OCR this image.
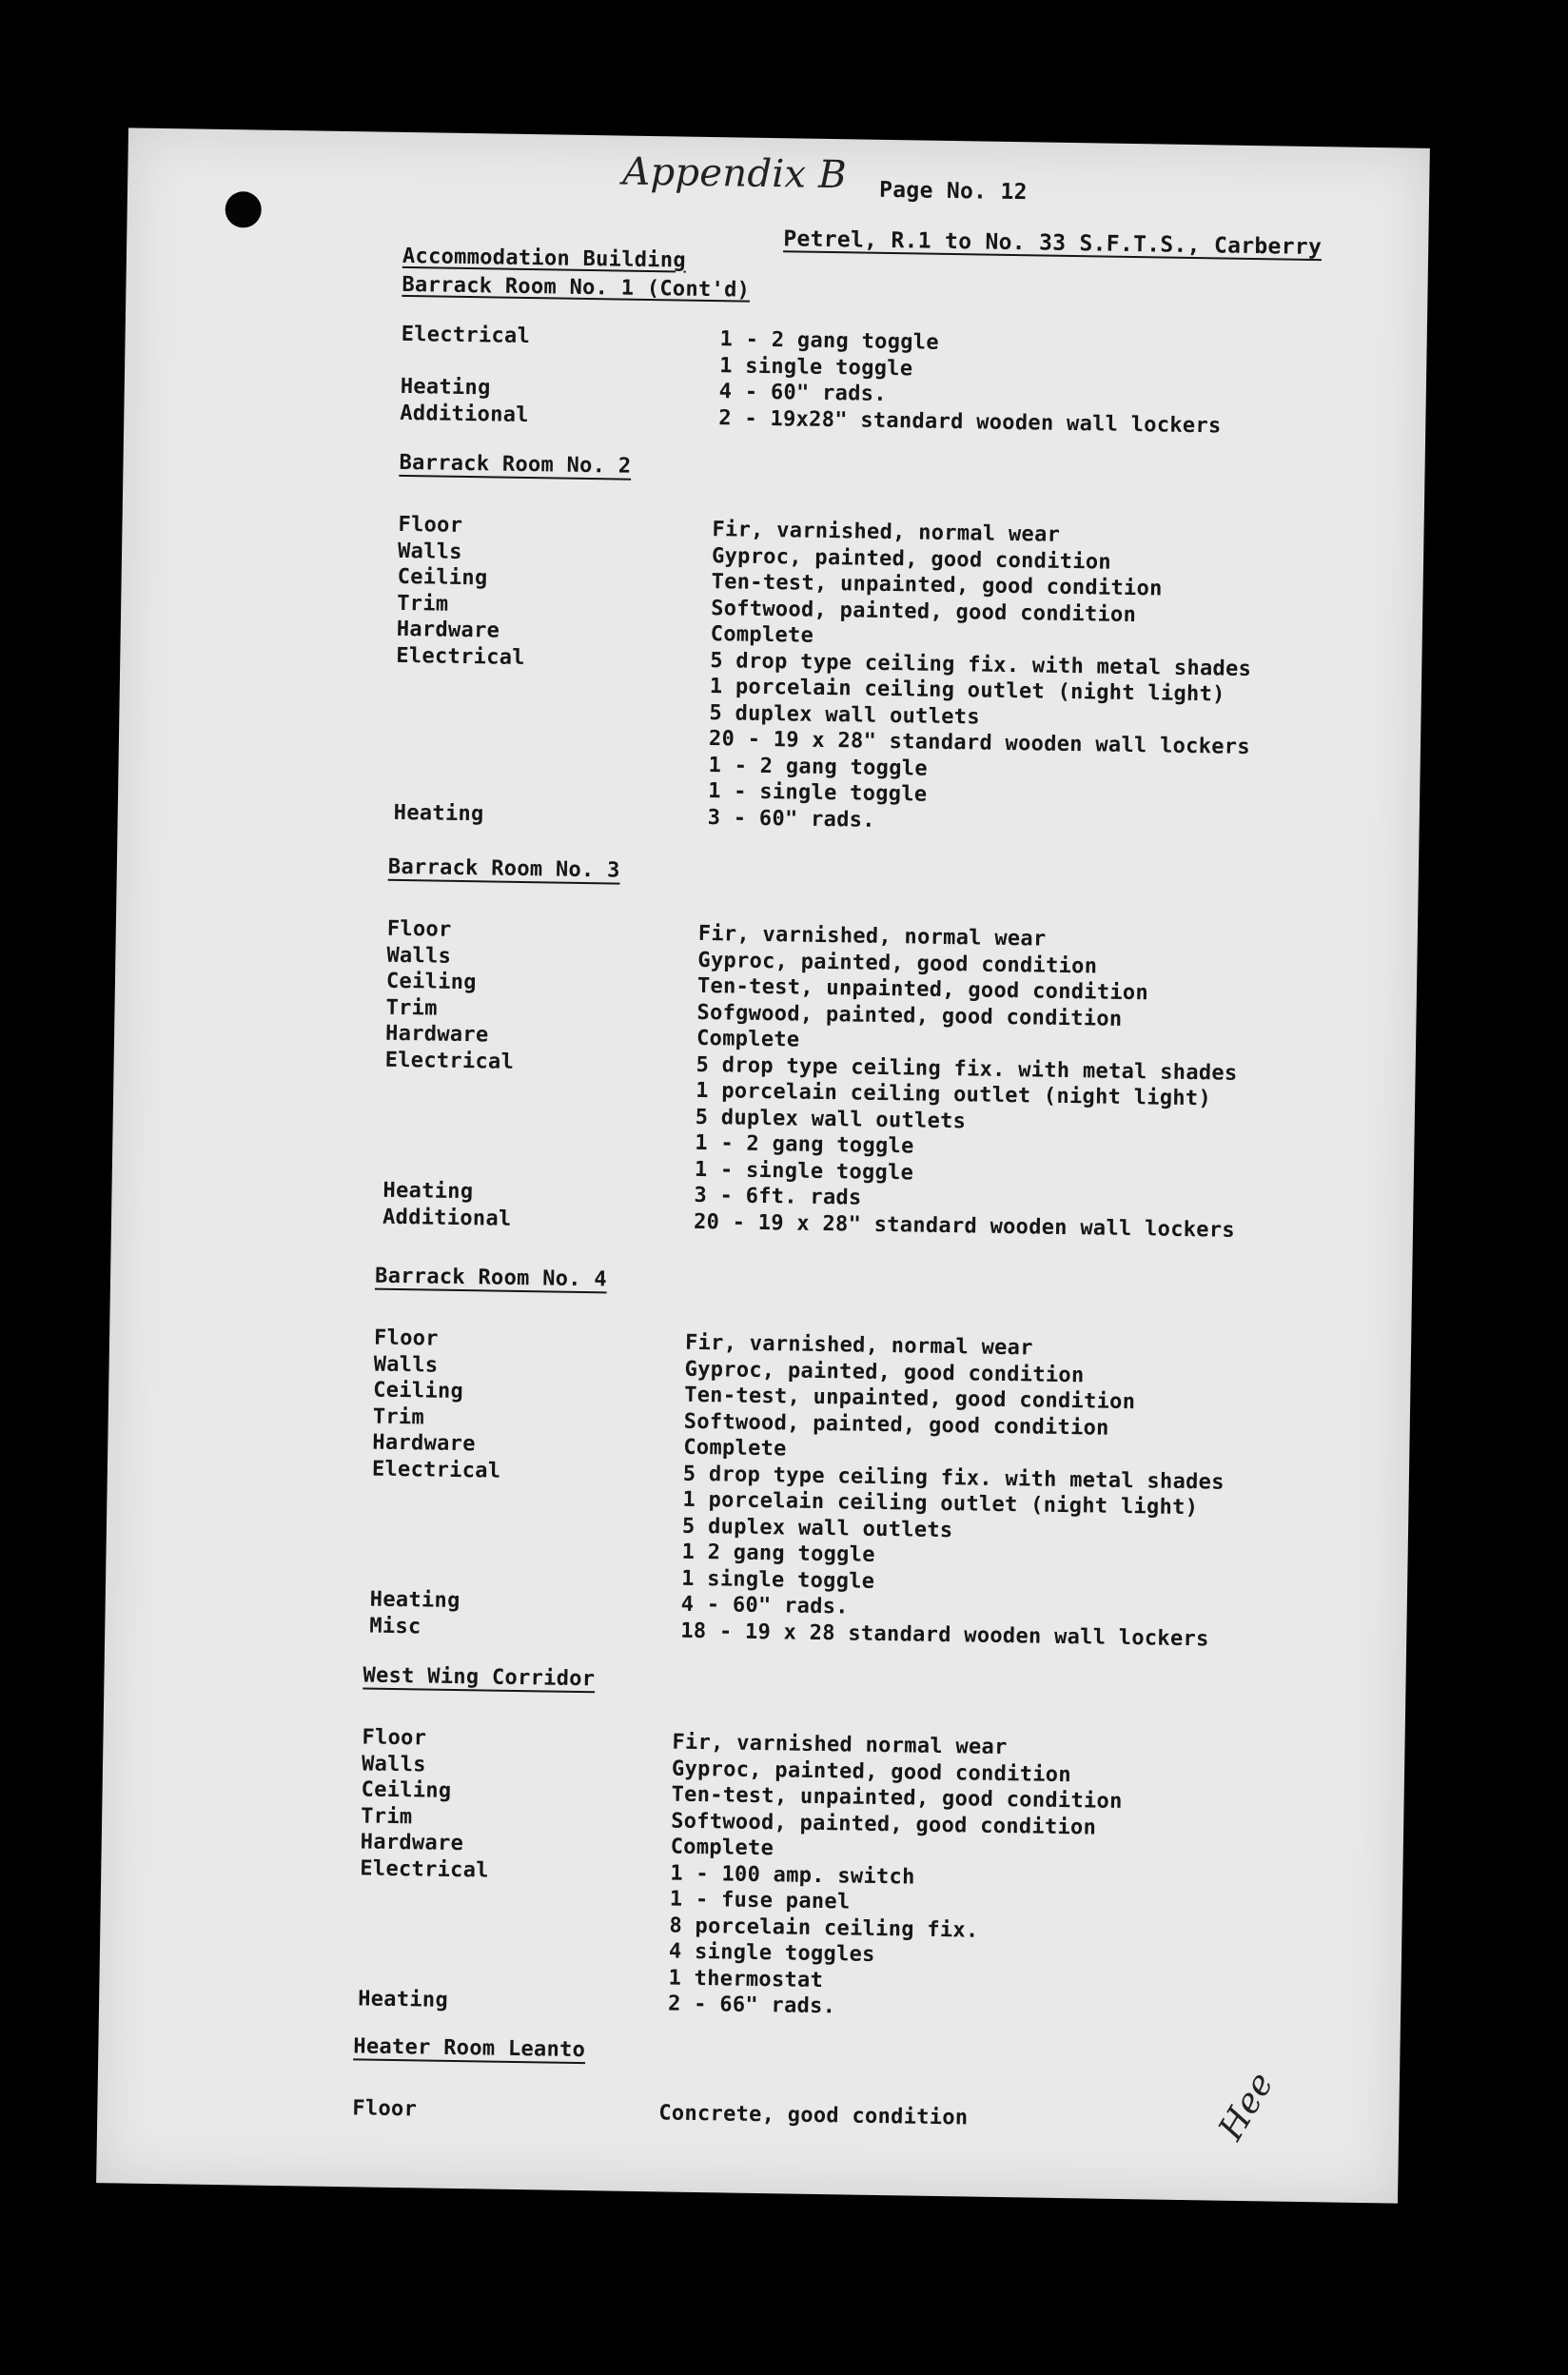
Appendix B Page No. 12
Petrel, R.1 to No. 33 S.F.T.S., Carberry
Accommodation Building
Barrack Room No. 1 (Cont'd)
Hee
Electrical	1 - 2 gang toggle
1 single toggle
Heating	4 - 60" rads.
Additional	2 - 19x28" standard wooden wall lockers
Barrack Room No. 2
Floor	Fir, varnished, normal wear
Walls	Gyproc, painted, good condition
Ceiling	Ten-test, unpainted, good condition
Trim	Softwood, painted, good condition
Hardware	Complete
Electrical	5 drop type ceiling fix. with metal shades
1 porcelain ceiling outlet (night light)
5 duplex wall outlets
20 - 19 x 28" standard wooden wall lockers
1 - 2 gang toggle
1 - single toggle
Heating	3 - 60" rads.
Barrack Room No. 3
Floor	Fir, varnished, normal wear
Walls	Gyproc, painted, good condition
Ceiling	Ten-test, unpainted, good condition
Trim	Sofgwood, painted, good condition
Hardware	Complete
Electrical	5 drop type ceiling fix. with metal shades
1 porcelain ceiling outlet (night light)
5 duplex wall outlets
1 - 2 gang toggle
1 - single toggle
Heating	3 - 6ft. rads
Additional	20 - 19 x 28" standard wooden wall lockers
Barrack Room No. 4
Floor	Fir, varnished, normal wear
Walls	Gyproc, painted, good condition
Ceiling	Ten-test, unpainted, good condition
Trim	Softwood, painted, good condition
Hardware	Complete
Electrical	5 drop type ceiling fix. with metal shades
1 porcelain ceiling outlet (night light)
5 duplex wall outlets
1 2 gang toggle
1 single toggle
Heating	4 - 60" rads.
Misc	18 - 19 x 28 standard wooden wall lockers
West Wing Corridor
Floor	Fir, varnished normal wear
Walls	Gyproc, painted, good condition
Ceiling	Ten-test, unpainted, good condition
Trim	Softwood, painted, good condition
Hardware	Complete
Electrical	1 - 100 amp. switch
1 - fuse panel
8 porcelain ceiling fix.
4 single toggles
1 thermostat
Heating	2 - 66" rads.
Heater Room Leanto
Floor	Concrete, good condition
